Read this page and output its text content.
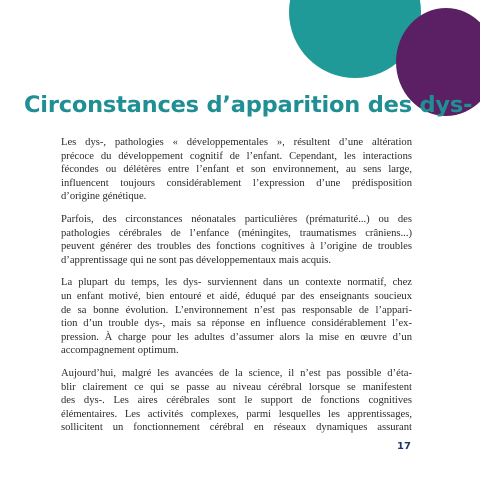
Circonstances d’apparition des dys-

Les dys-, pathologies « développementales », résultent d’une altération
précoce du développement cognitif de l’enfant. Cependant, les interactions
fécondes ou délétères entre l’enfant et son environnement, au sens large,
influencent toujours considérablement l’expression d’une prédisposition
d’origine génétique.

Parfois, des circonstances néonatales particulières (prématurité...) ou des
pathologies cérébrales de l’enfance (méningites, traumatismes crâniens...)
peuvent générer des troubles des fonctions cognitives à l’origine de troubles
d’apprentissage qui ne sont pas développementaux mais acquis.

La plupart du temps, les dys- surviennent dans un contexte normatif, chez
un enfant motivé, bien entouré et aidé, éduqué par des enseignants soucieux
de sa bonne évolution. L’environnement n’est pas responsable de l’appari-
tion d’un trouble dys-, mais sa réponse en influence considérablement l’ex-
pression. À charge pour les adultes d’assumer alors la mise en œuvre d’un
accompagnement optimum.

Aujourd’hui, malgré les avancées de la science, il n’est pas possible d’éta-
blir clairement ce qui se passe au niveau cérébral lorsque se manifestent
des dys-. Les aires cérébrales sont le support de fonctions cognitives
élémentaires. Les activités complexes, parmi lesquelles les apprentissages,
sollicitent un fonctionnement cérébral en réseaux dynamiques assurant

17
